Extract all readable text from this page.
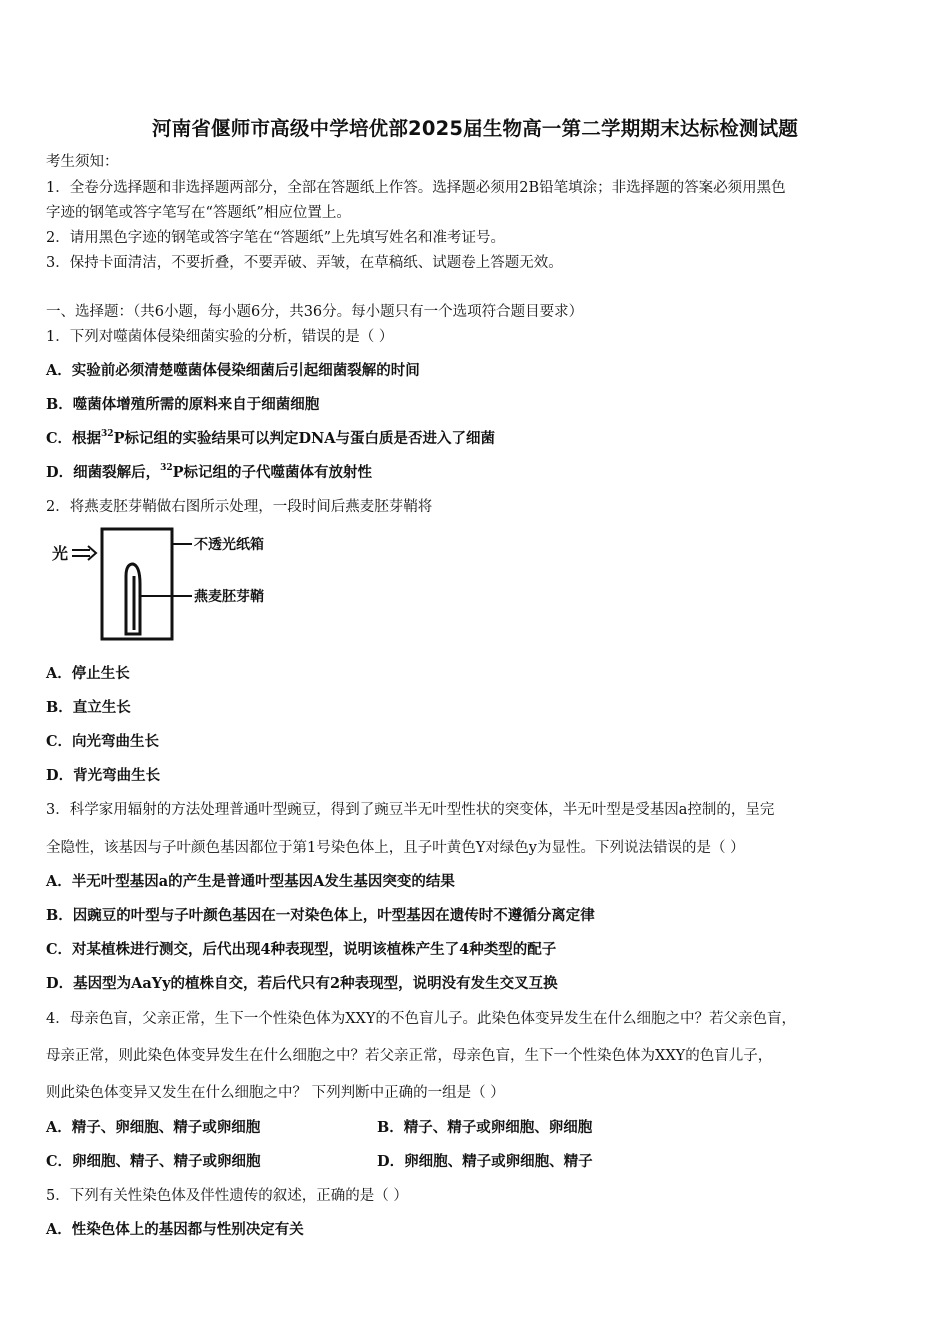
河南省偃师市高级中学培优部2025届生物高一第二学期期末达标检测试题
考生须知：
1．全卷分选择题和非选择题两部分，全部在答题纸上作答。选择题必须用2B铅笔填涂；非选择题的答案必须用黑色
字迹的钢笔或答字笔写在“答题纸”相应位置上。
2．请用黑色字迹的钢笔或答字笔在“答题纸”上先填写姓名和准考证号。
3．保持卡面清洁，不要折叠，不要弄破、弄皱，在草稿纸、试题卷上答题无效。
一、选择题：（共6小题，每小题6分，共36分。每小题只有一个选项符合题目要求）
1．下列对噬菌体侵染细菌实验的分析，错误的是（ ）
A．实验前必须清楚噬菌体侵染细菌后引起细菌裂解的时间
B．噬菌体增殖所需的原料来自于细菌细胞
C．根据$^{32}$P标记组的实验结果可以判定DNA与蛋白质是否进入了细菌
D．细菌裂解后，$^{32}$P标记组的子代噬菌体有放射性
2．将燕麦胚芽鞘做右图所示处理，一段时间后燕麦胚芽鞘将
光	不透光纸箱
燕麦胚芽鞘
A．停止生长
B．直立生长
C．向光弯曲生长
D．背光弯曲生长
3．科学家用辐射的方法处理普通叶型豌豆，得到了豌豆半无叶型性状的突变体，半无叶型是受基因a控制的，呈完
全隐性，该基因与子叶颜色基因都位于第1号染色体上，且子叶黄色Y对绿色y为显性。下列说法错误的是（ ）
A．半无叶型基因a的产生是普通叶型基因A发生基因突变的结果
B．因豌豆的叶型与子叶颜色基因在一对染色体上，叶型基因在遗传时不遵循分离定律
C．对某植株进行测交，后代出现4种表现型，说明该植株产生了4种类型的配子
D．基因型为AaYy的植株自交，若后代只有2种表现型，说明没有发生交叉互换
4．母亲色盲，父亲正常，生下一个性染色体为XXY的不色盲儿子。此染色体变异发生在什么细胞之中？若父亲色盲，
母亲正常，则此染色体变异发生在什么细胞之中？若父亲正常，母亲色盲，生下一个性染色体为XXY的色盲儿子，
则此染色体变异又发生在什么细胞之中？ 下列判断中正确的一组是（ ）
A．精子、卵细胞、精子或卵细胞	B．精子、精子或卵细胞、卵细胞
C．卵细胞、精子、精子或卵细胞	D．卵细胞、精子或卵细胞、精子
5．下列有关性染色体及伴性遗传的叙述，正确的是（ ）
A．性染色体上的基因都与性别决定有关
